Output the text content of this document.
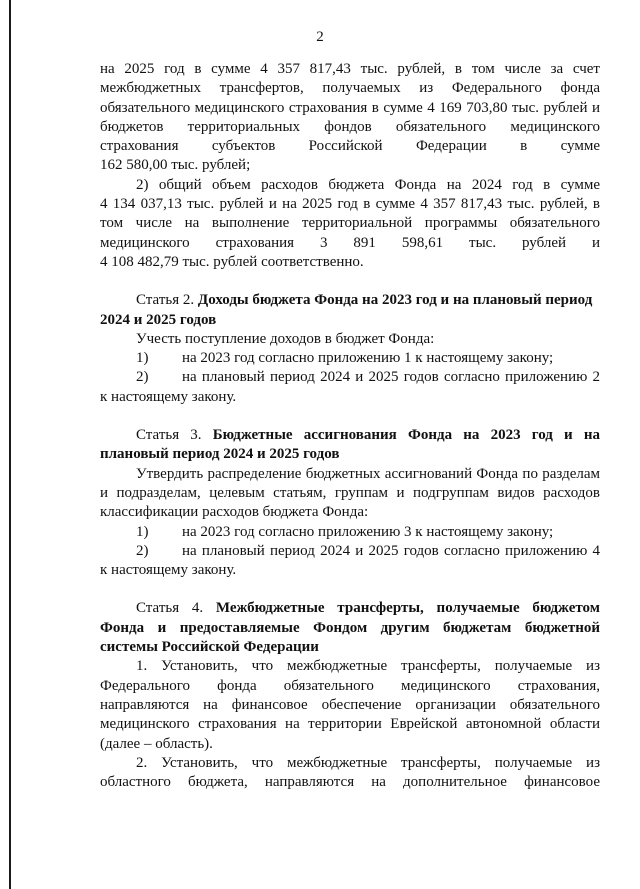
2

на 2025 год в сумме 4 357 817,43 тыс. рублей, в том числе за счет

межбюджетных трансфертов, получаемых из Федерального фонда

обязательного медицинского страхования в сумме 4 169 703,80 тыс. рублей и

бюджетов территориальных фондов обязательного медицинского

страхования субъектов Российской Федерации в сумме

162 580,00 тыс. рублей;

2) общий объем расходов бюджета Фонда на 2024 год в сумме

4 134 037,13 тыс. рублей и на 2025 год в сумме 4 357 817,43 тыс. рублей, в

том числе на выполнение территориальной программы обязательного

медицинского страхования 3 891 598,61 тыс. рублей и

4 108 482,79 тыс. рублей соответственно.

Статья 2. Доходы бюджета Фонда на 2023 год и на плановый период
2024 и 2025 годов

Учесть поступление доходов в бюджет Фонда:

1) на 2023 год согласно приложению 1 к настоящему закону;

2) на плановый период 2024 и 2025 годов согласно приложению 2

к настоящему закону.

Статья 3. Бюджетные ассигнования Фонда на 2023 год и на

плановый период 2024 и 2025 годов

Утвердить распределение бюджетных ассигнований Фонда по разделам

и подразделам, целевым статьям, группам и подгруппам видов расходов

классификации расходов бюджета Фонда:

1) на 2023 год согласно приложению 3 к настоящему закону;

2) на плановый период 2024 и 2025 годов согласно приложению 4

к настоящему закону.

Статья 4. Межбюджетные трансферты, получаемые бюджетом

Фонда и предоставляемые Фондом другим бюджетам бюджетной

системы Российской Федерации

1. Установить, что межбюджетные трансферты, получаемые из

Федерального фонда обязательного медицинского страхования,

направляются на финансовое обеспечение организации обязательного

медицинского страхования на территории Еврейской автономной области

(далее – область).

2. Установить, что межбюджетные трансферты, получаемые из

областного бюджета, направляются на дополнительное финансовое
